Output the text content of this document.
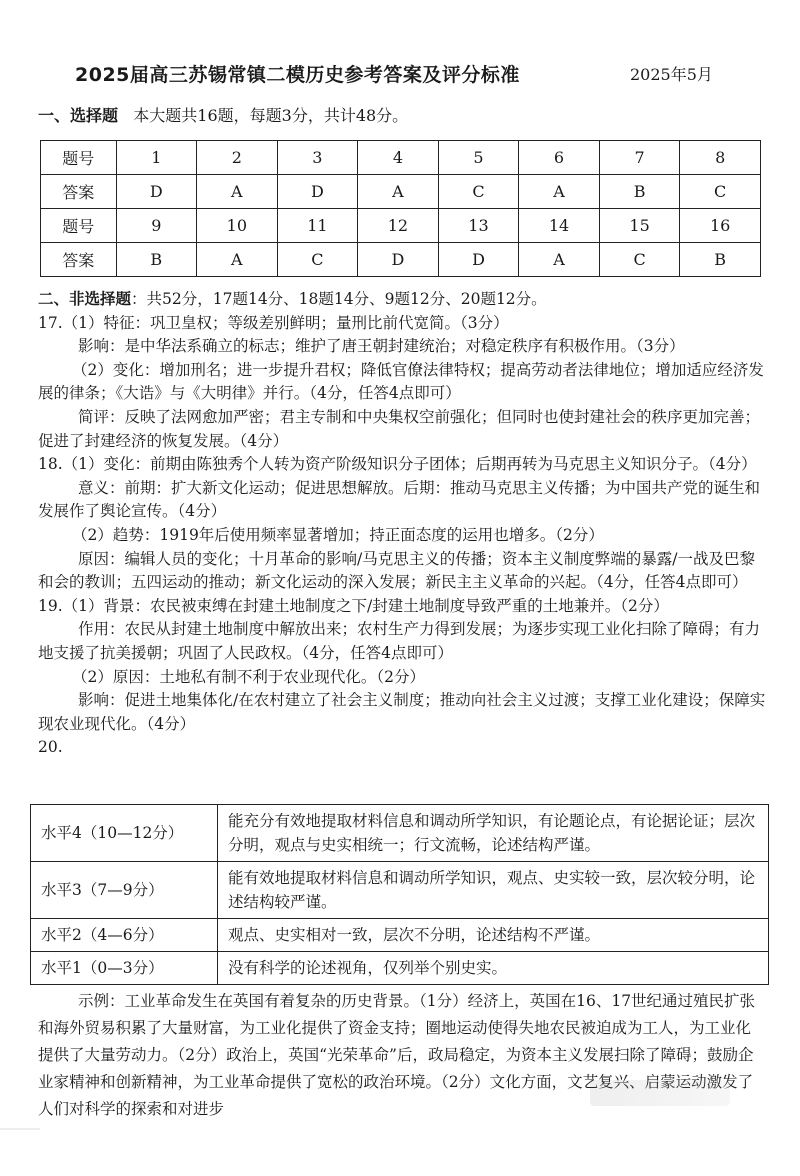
2025届高三苏锡常镇二模历史参考答案及评分标准	2025年5月
一、选择题 本大题共16题，每题3分，共计48分。
题号	1	2	3	4	5	6	7	8
答案	D	A	D	A	C	A	B	C
题号	9	10	11	12	13	14	15	16
答案	B	A	C	D	D	A	C	B

二、非选择题：共52分，17题14分、18题14分、9题12分、20题12分。

17.（1）特征：巩卫皇权；等级差别鲜明；量刑比前代宽简。（3分）

影响：是中华法系确立的标志；维护了唐王朝封建统治；对稳定秩序有积极作用。（3分）

（2）变化：增加刑名；进一步提升君权；降低官僚法律特权；提高劳动者法律地位；增加适应经济发展的律条；《大诰》与《大明律》并行。（4分，任答4点即可）

简评：反映了法网愈加严密；君主专制和中央集权空前强化；但同时也使封建社会的秩序更加完善；促进了封建经济的恢复发展。（4分）

18.（1）变化：前期由陈独秀个人转为资产阶级知识分子团体；后期再转为马克思主义知识分子。（4分）

意义：前期：扩大新文化运动；促进思想解放。后期：推动马克思主义传播；为中国共产党的诞生和发展作了舆论宣传。（4分）

（2）趋势：1919年后使用频率显著增加；持正面态度的运用也增多。（2分）

原因：编辑人员的变化；十月革命的影响/马克思主义的传播；资本主义制度弊端的暴露/一战及巴黎和会的教训；五四运动的推动；新文化运动的深入发展；新民主主义革命的兴起。（4分，任答4点即可）

19.（1）背景：农民被束缚在封建土地制度之下/封建土地制度导致严重的土地兼并。（2分）

作用：农民从封建土地制度中解放出来；农村生产力得到发展；为逐步实现工业化扫除了障碍；有力地支援了抗美援朝；巩固了人民政权。（4分，任答4点即可）

（2）原因：土地私有制不利于农业现代化。（2分）

影响：促进土地集体化/在农村建立了社会主义制度；推动向社会主义过渡；支撑工业化建设；保障实现农业现代化。（4分）

20.

水平4（10—12分）	能充分有效地提取材料信息和调动所学知识，有论题论点，有论据论证；层次分明，观点与史实相统一；行文流畅，论述结构严谨。
水平3（7—9分）	能有效地提取材料信息和调动所学知识，观点、史实较一致，层次较分明，论述结构较严谨。
水平2（4—6分）	观点、史实相对一致，层次不分明，论述结构不严谨。
水平1（0—3分）	没有科学的论述视角，仅列举个别史实。

示例：工业革命发生在英国有着复杂的历史背景。（1分）经济上，英国在16、17世纪通过殖民扩张和海外贸易积累了大量财富，为工业化提供了资金支持；圈地运动使得失地农民被迫成为工人，为工业化提供了大量劳动力。（2分）政治上，英国“光荣革命”后，政局稳定，为资本主义发展扫除了障碍；鼓励企业家精神和创新精神，为工业革命提供了宽松的政治环境。（2分）文化方面，文艺复兴、启蒙运动激发了人们对科学的探索和对进步
